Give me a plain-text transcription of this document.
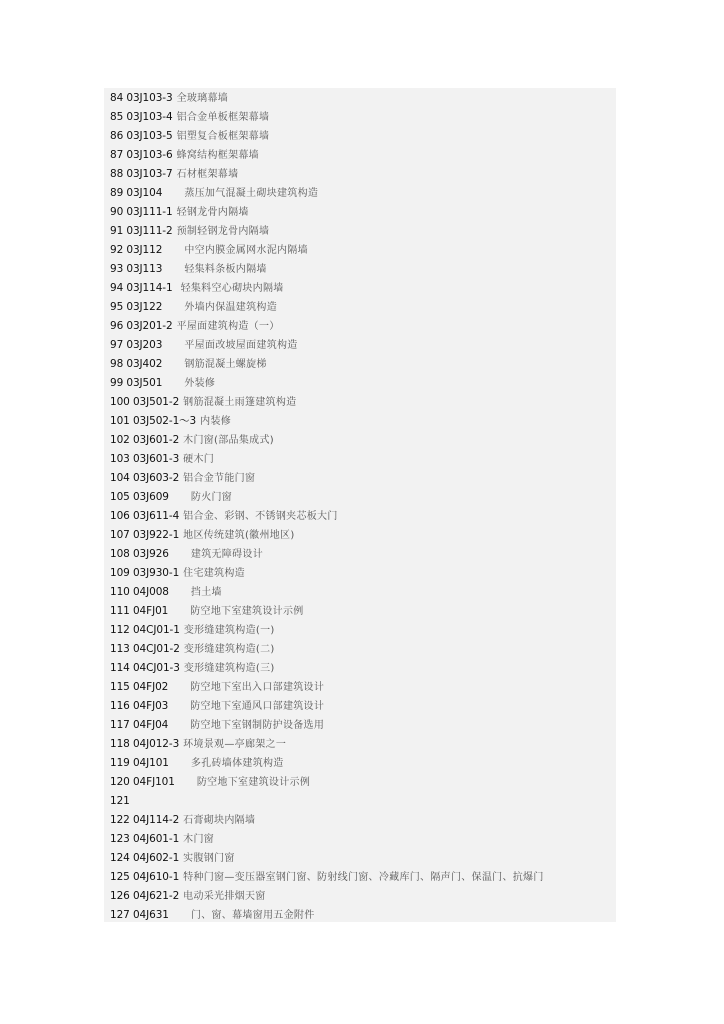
84 03J103-3 全玻璃幕墙
85 03J103-4 铝合金单板框架幕墙
86 03J103-5 铝塑复合板框架幕墙
87 03J103-6 蜂窝结构框架幕墙
88 03J103-7 石材框架幕墙
89 03J104 蒸压加气混凝土砌块建筑构造
90 03J111-1 轻钢龙骨内隔墙
91 03J111-2 预制轻钢龙骨内隔墙
92 03J112 中空内膜金属网水泥内隔墙
93 03J113 轻集料条板内隔墙
94 03J114-1 轻集料空心砌块内隔墙
95 03J122 外墙内保温建筑构造
96 03J201-2 平屋面建筑构造（一）
97 03J203 平屋面改坡屋面建筑构造
98 03J402 钢筋混凝土螺旋梯
99 03J501 外装修
100 03J501-2 钢筋混凝土雨篷建筑构造
101 03J502-1～3 内装修
102 03J601-2 木门窗(部品集成式)
103 03J601-3 硬木门
104 03J603-2 铝合金节能门窗
105 03J609 防火门窗
106 03J611-4 铝合金、彩钢、不锈钢夹芯板大门
107 03J922-1 地区传统建筑(徽州地区)
108 03J926 建筑无障碍设计
109 03J930-1 住宅建筑构造
110 04J008 挡土墙
111 04FJ01 防空地下室建筑设计示例
112 04CJ01-1 变形缝建筑构造(一)
113 04CJ01-2 变形缝建筑构造(二)
114 04CJ01-3 变形缝建筑构造(三)
115 04FJ02 防空地下室出入口部建筑设计
116 04FJ03 防空地下室通风口部建筑设计
117 04FJ04 防空地下室钢制防护设备选用
118 04J012-3 环境景观—亭廊架之一
119 04J101 多孔砖墙体建筑构造
120 04FJ101 防空地下室建筑设计示例
121
122 04J114-2 石膏砌块内隔墙
123 04J601-1 木门窗
124 04J602-1 实腹钢门窗
125 04J610-1 特种门窗—变压器室钢门窗、防射线门窗、冷藏库门、隔声门、保温门、抗爆门
126 04J621-2 电动采光排烟天窗
127 04J631 门、窗、幕墙窗用五金附件
